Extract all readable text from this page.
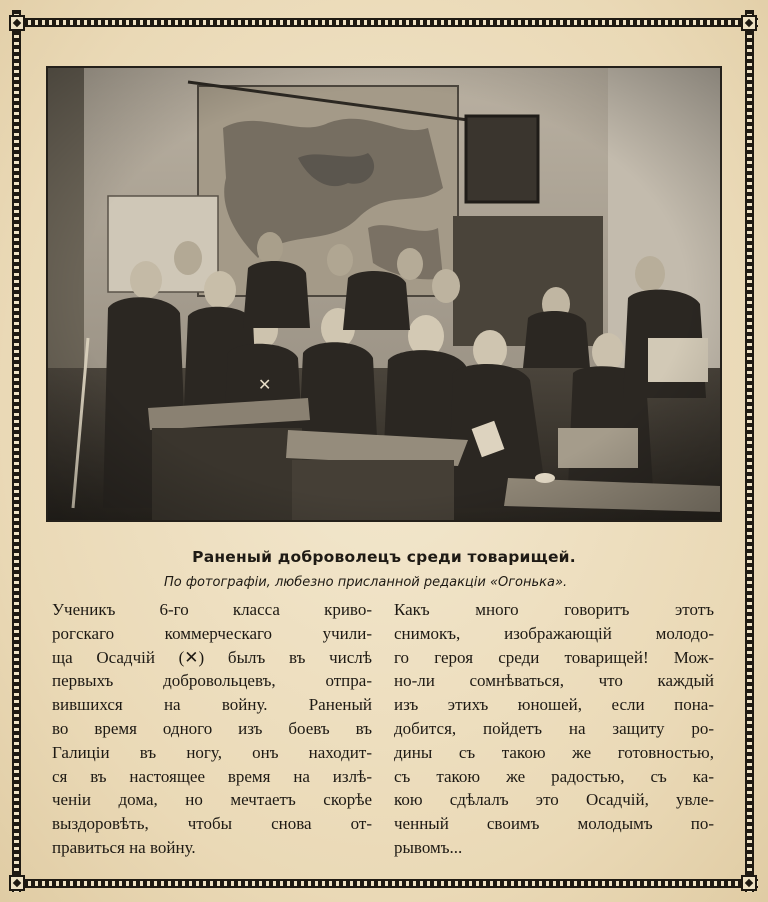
Раненый доброволецъ среди товарищей.
По фотографіи, любезно присланной редакціи «Огонька».

Ученикъ 6-го класса криво-
рогскаго коммерческаго учили-
ща Осадчій (✕) былъ въ числѣ
первыхъ добровольцевъ, отпра-
вившихся на войну. Раненый
во время одного изъ боевъ въ
Галиціи въ ногу, онъ находит-
ся въ настоящее время на излѣ-
ченіи дома, но мечтаетъ скорѣе
выздоровѣть, чтобы снова от-
правиться на войну.

Какъ много говоритъ этотъ
снимокъ, изображающій молодо-
го героя среди товарищей! Мож-
но-ли сомнѣваться, что каждый
изъ этихъ юношей, если пона-
добится, пойдетъ на защиту ро-
дины съ такою же готовностью,
съ такою же радостью, съ ка-
кою сдѣлалъ это Осадчій, увле-
ченный своимъ молодымъ по-
рывомъ...
